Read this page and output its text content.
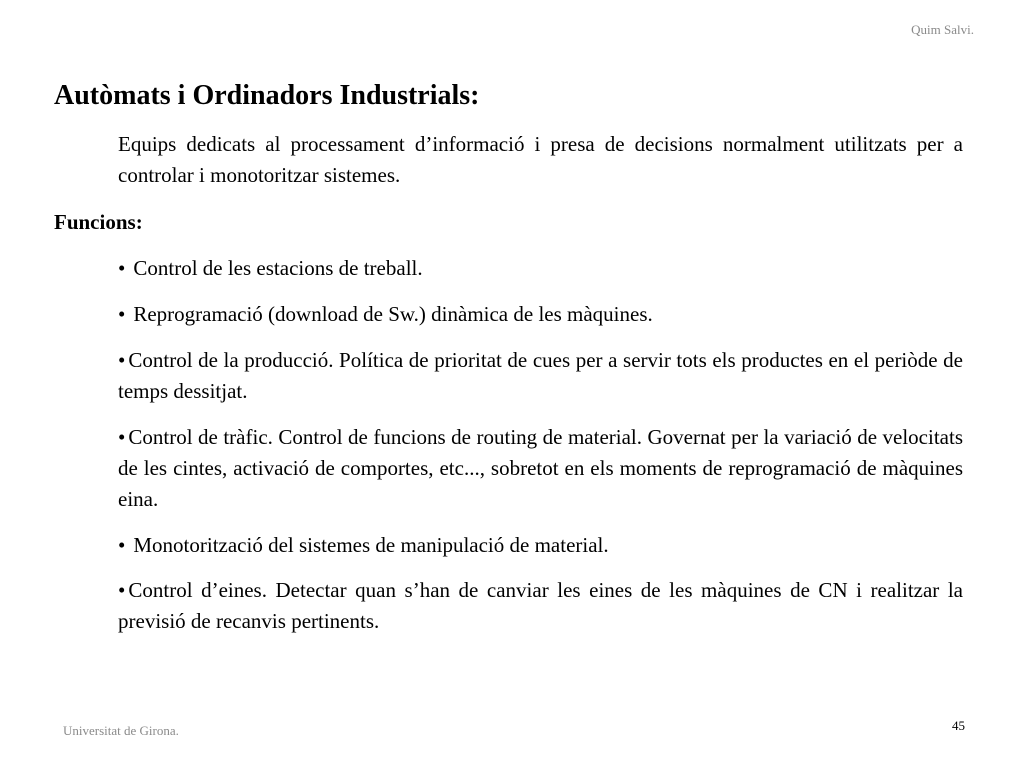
Quim Salvi.
Autòmats i Ordinadors Industrials:

Equips dedicats al processament d’informació i presa de decisions normalment utilitzats per a controlar i monotoritzar sistemes.

Funcions:

• Control de les estacions de treball.

• Reprogramació (download de Sw.) dinàmica de les màquines.

• Control de la producció. Política de prioritat de cues per a servir tots els productes en el periòde de temps dessitjat.

• Control de tràfic. Control de funcions de routing de material. Governat per la variació de velocitats de les cintes, activació de comportes, etc..., sobretot en els moments de reprogramació de màquines eina.

• Monotorització del sistemes de manipulació de material.

• Control d’eines. Detectar quan s’han de canviar les eines de les màquines de CN i realitzar la previsió de recanvis pertinents.

Universitat de Girona.	45
